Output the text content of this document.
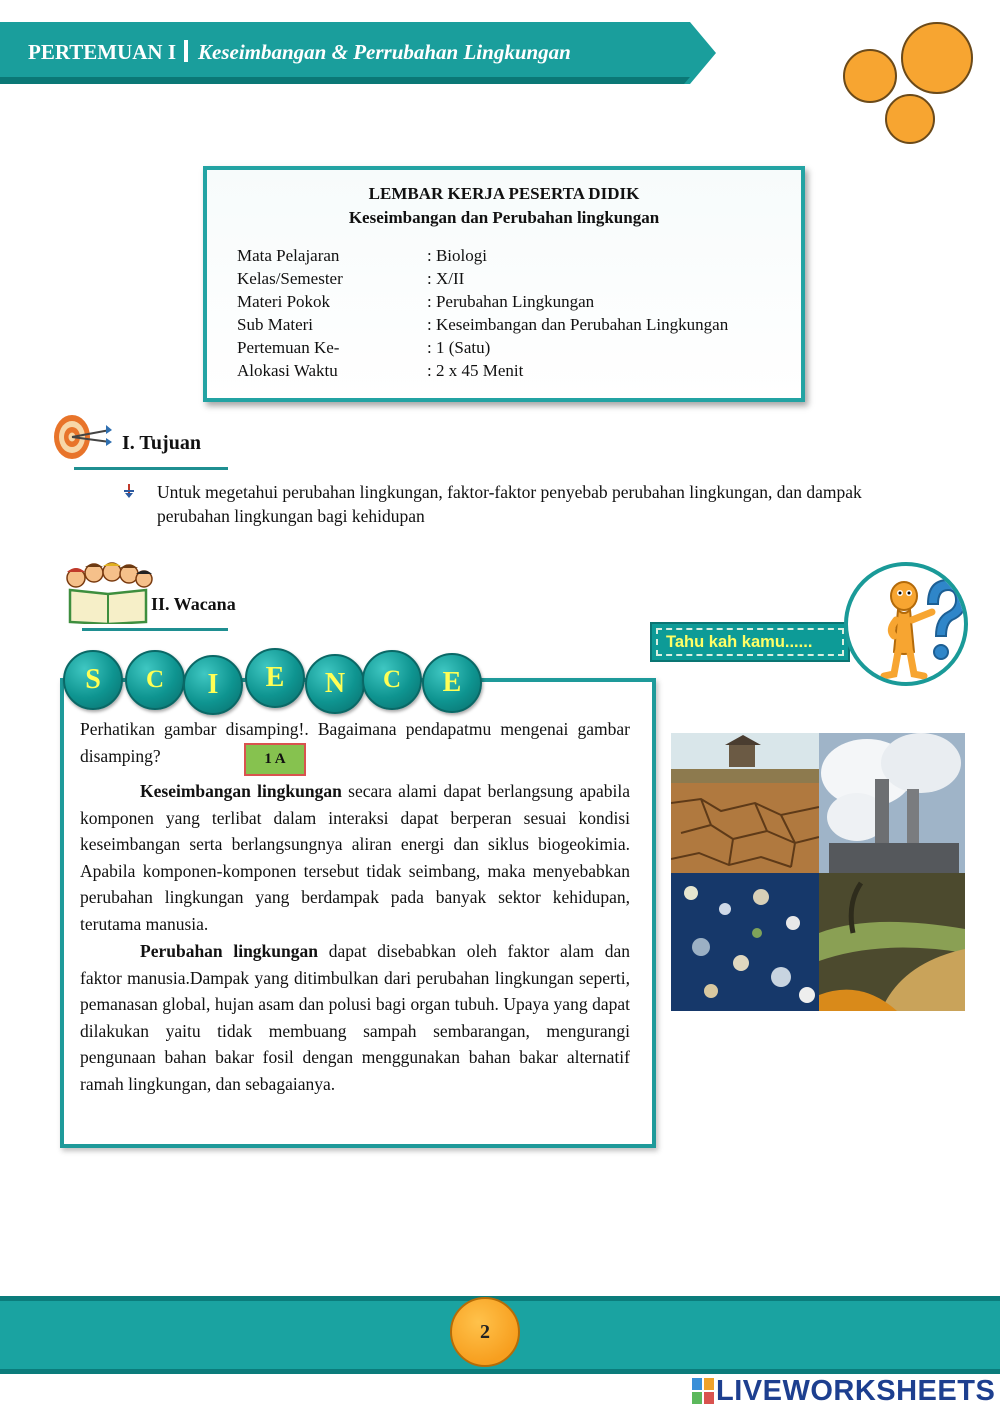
PERTEMUAN I Keseimbangan & Perrubahan Lingkungan
LEMBAR KERJA PESERTA DIDIK
Keseimbangan dan Perubahan lingkungan
Mata Pelajaran	: Biologi
Kelas/Semester	: X/II
Materi Pokok	: Perubahan Lingkungan
Sub Materi	: Keseimbangan dan Perubahan Lingkungan
Pertemuan Ke-	: 1 (Satu)
Alokasi Waktu	: 2 x 45 Menit
I. Tujuan
Untuk megetahui perubahan lingkungan, faktor-faktor penyebab perubahan lingkungan, dan dampak perubahan lingkungan bagi kehidupan
II. Wacana
Tahu kah kamu......
S	C	I	E	N	C	E
Perhatikan gambar disamping!. Bagaimana pendapatmu mengenai gambar disamping?	1 A
Keseimbangan lingkungan secara alami dapat berlangsung apabila komponen yang terlibat dalam interaksi dapat berperan sesuai kondisi keseimbangan serta berlangsungnya aliran energi dan siklus biogeokimia. Apabila komponen-komponen tersebut tidak seimbang, maka menyebabkan perubahan lingkungan yang berdampak pada banyak sektor kehidupan, terutama manusia.
Perubahan lingkungan dapat disebabkan oleh faktor alam dan faktor manusia.Dampak yang ditimbulkan dari perubahan lingkungan seperti, pemanasan global, hujan asam dan polusi bagi organ tubuh. Upaya yang dapat dilakukan yaitu tidak membuang sampah sembarangan, mengurangi pengunaan bahan bakar fosil dengan menggunakan bahan bakar alternatif ramah lingkungan, dan sebagaianya.
2
LIVEWORKSHEETS
